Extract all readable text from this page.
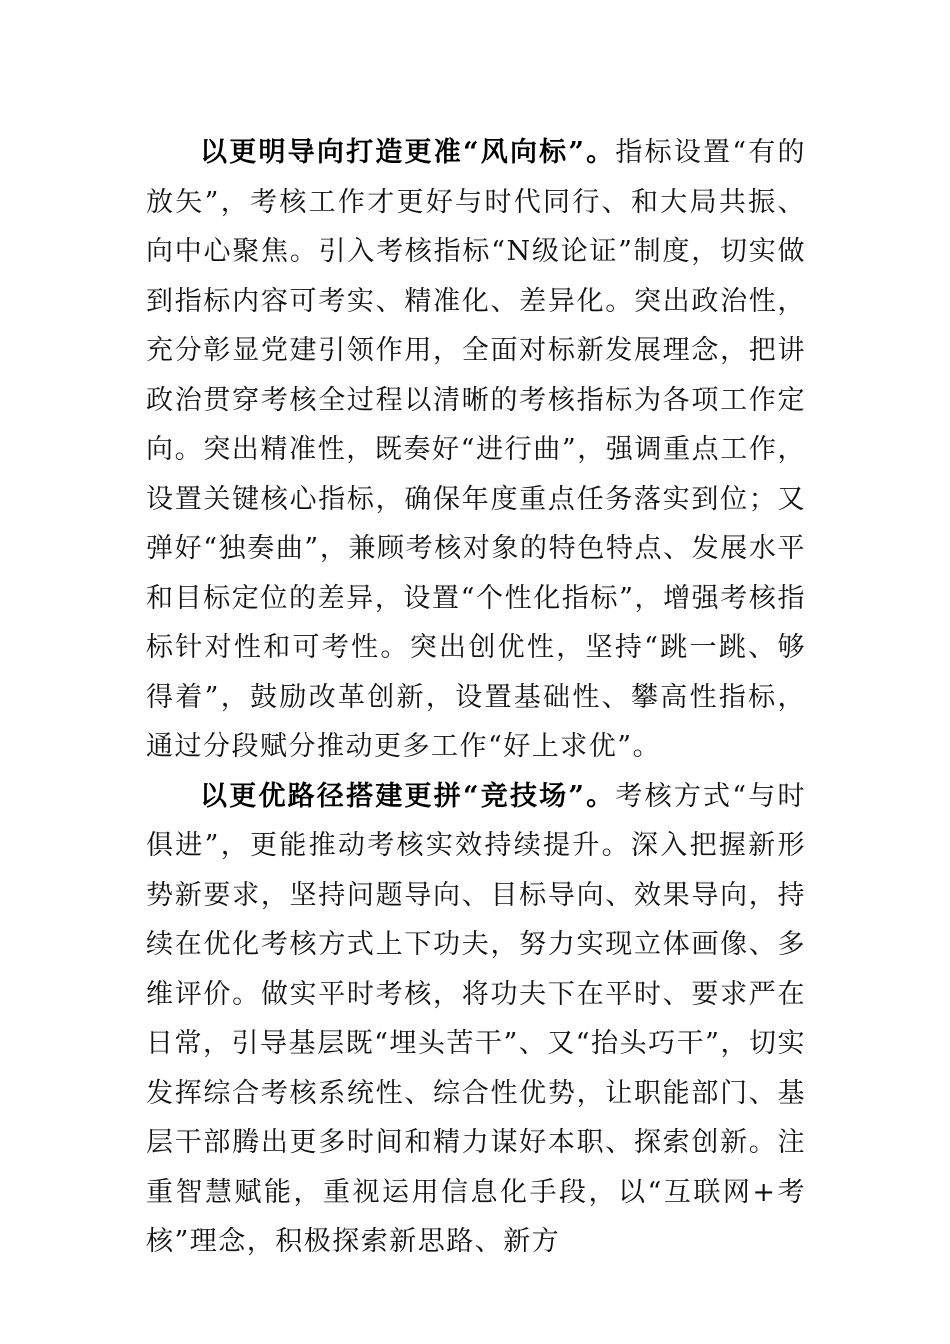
以更明导向打造更准“风向标”。指标设置“有的放矢”，考核工作才更好与时代同行、和大局共振、向中心聚焦。引入考核指标“N级论证”制度，切实做到指标内容可考实、精准化、差异化。突出政治性，充分彰显党建引领作用，全面对标新发展理念，把讲政治贯穿考核全过程以清晰的考核指标为各项工作定向。突出精准性，既奏好“进行曲”，强调重点工作，设置关键核心指标，确保年度重点任务落实到位；又弹好“独奏曲”，兼顾考核对象的特色特点、发展水平和目标定位的差异，设置“个性化指标”，增强考核指标针对性和可考性。突出创优性，坚持“跳一跳、够得着”，鼓励改革创新，设置基础性、攀高性指标，通过分段赋分推动更多工作“好上求优”。

以更优路径搭建更拼“竞技场”。考核方式“与时俱进”，更能推动考核实效持续提升。深入把握新形势新要求，坚持问题导向、目标导向、效果导向，持续在优化考核方式上下功夫，努力实现立体画像、多维评价。做实平时考核，将功夫下在平时、要求严在日常，引导基层既“埋头苦干”、又“抬头巧干”，切实发挥综合考核系统性、综合性优势，让职能部门、基层干部腾出更多时间和精力谋好本职、探索创新。注重智慧赋能，重视运用信息化手段，以“互联网+考核”理念，积极探索新思路、新方
